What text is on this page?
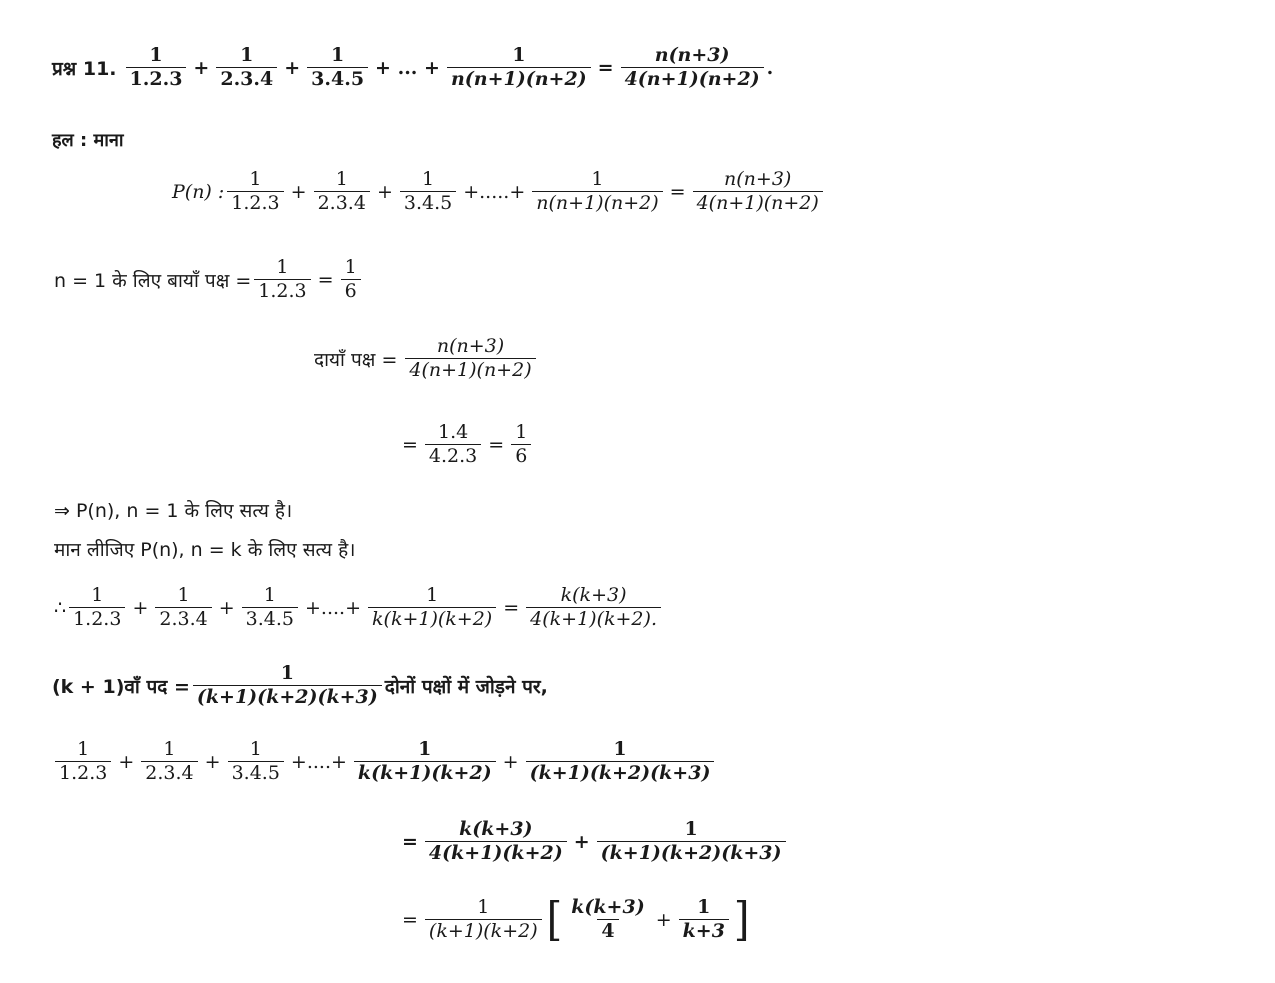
प्रश्न 11. $\frac{1}{1.2.3} + \frac{1}{2.3.4} + \frac{1}{3.4.5}$ + ... + $\frac{1}{n(n+1)(n+2)} = \frac{n(n+3)}{4(n+1)(n+2)}$ .
हल : माना
P(n) : $\frac{1}{1.2.3} + \frac{1}{2.3.4} + \frac{1}{3.4.5}$ +.....+ $\frac{1}{n(n+1)(n+2)} = \frac{n(n+3)}{4(n+1)(n+2)}$
n = 1 के लिए बायाँ पक्ष = $\frac{1}{1.2.3} = \frac{1}{6}$
दायाँ पक्ष = $\frac{n(n+3)}{4(n+1)(n+2)}$
= $\frac{1.4}{4.2.3} = \frac{1}{6}$
⇒ P(n), n = 1 के लिए सत्य है।
मान लीजिए P(n), n = k के लिए सत्य है।
∴ $\frac{1}{1.2.3} + \frac{1}{2.3.4} + \frac{1}{3.4.5}$ +....+ $\frac{1}{k(k+1)(k+2)} = \frac{k(k+3)}{4(k+1)(k+2).}$
(k + 1)वाँ पद = $\frac{1}{(k+1)(k+2)(k+3)}$ दोनों पक्षों में जोड़ने पर,
$\frac{1}{1.2.3} + \frac{1}{2.3.4} + \frac{1}{3.4.5}$ +....+ $\frac{1}{k(k+1)(k+2)} + \frac{1}{(k+1)(k+2)(k+3)}$
= $\frac{k(k+3)}{4(k+1)(k+2)} + \frac{1}{(k+1)(k+2)(k+3)}$
= $\frac{1}{(k+1)(k+2)}$ [ $\frac{k(k+3)}{4} + \frac{1}{k+3}$ ]
